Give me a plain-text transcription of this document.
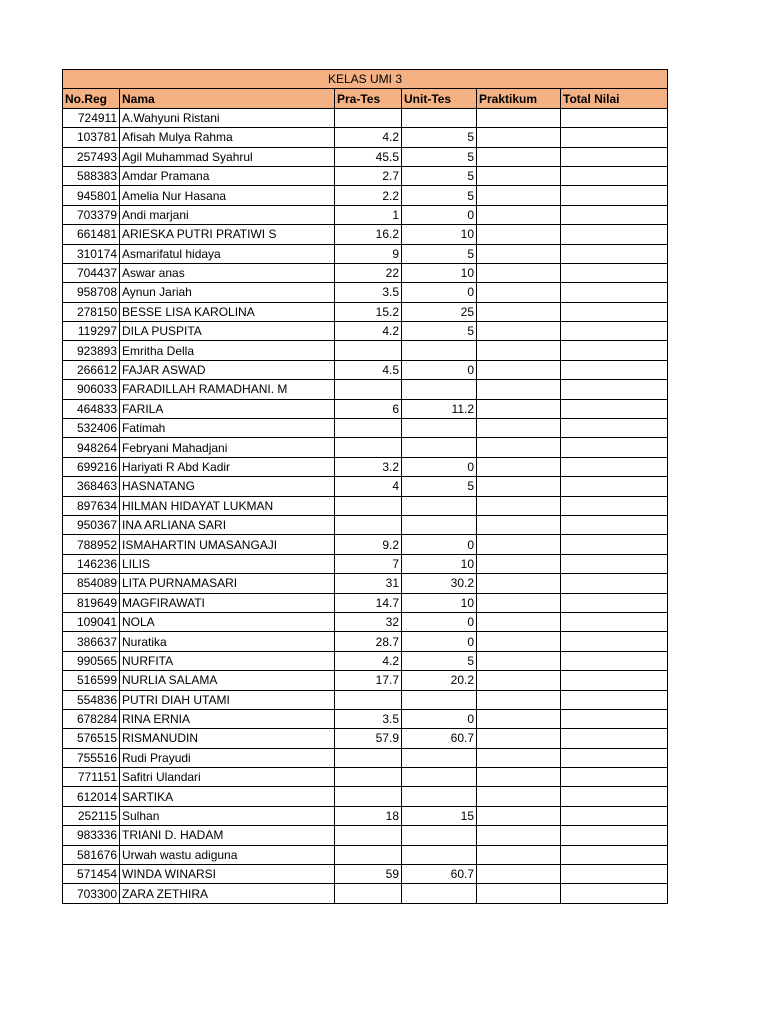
KELAS UMI 3					
No.Reg	Nama	Pra-Tes	Unit-Tes	Praktikum	Total Nilai
724911	A.Wahyuni Ristani				
103781	Afisah Mulya Rahma	4.2	5		
257493	Agil Muhammad Syahrul	45.5	5		
588383	Amdar Pramana	2.7	5		
945801	Amelia Nur Hasana	2.2	5		
703379	Andi marjani	1	0		
661481	ARIESKA PUTRI PRATIWI S	16.2	10		
310174	Asmarifatul hidaya	9	5		
704437	Aswar anas	22	10		
958708	Aynun Jariah	3.5	0		
278150	BESSE LISA KAROLINA	15.2	25		
119297	DILA PUSPITA	4.2	5		
923893	Emritha Della				
266612	FAJAR ASWAD	4.5	0		
906033	FARADILLAH RAMADHANI. M				
464833	FARILA	6	11.2		
532406	Fatimah				
948264	Febryani Mahadjani				
699216	Hariyati R Abd Kadir	3.2	0		
368463	HASNATANG	4	5		
897634	HILMAN HIDAYAT LUKMAN				
950367	INA ARLIANA SARI				
788952	ISMAHARTIN UMASANGAJI	9.2	0		
146236	LILIS	7	10		
854089	LITA PURNAMASARI	31	30.2		
819649	MAGFIRAWATI	14.7	10		
109041	NOLA	32	0		
386637	Nuratika	28.7	0		
990565	NURFITA	4.2	5		
516599	NURLIA SALAMA	17.7	20.2		
554836	PUTRI DIAH UTAMI				
678284	RINA ERNIA	3.5	0		
576515	RISMANUDIN	57.9	60.7		
755516	Rudi Prayudi				
771151	Safitri Ulandari				
612014	SARTIKA				
252115	Sulhan	18	15		
983336	TRIANI D. HADAM				
581676	Urwah wastu adiguna				
571454	WINDA WINARSI	59	60.7		
703300	ZARA ZETHIRA				
